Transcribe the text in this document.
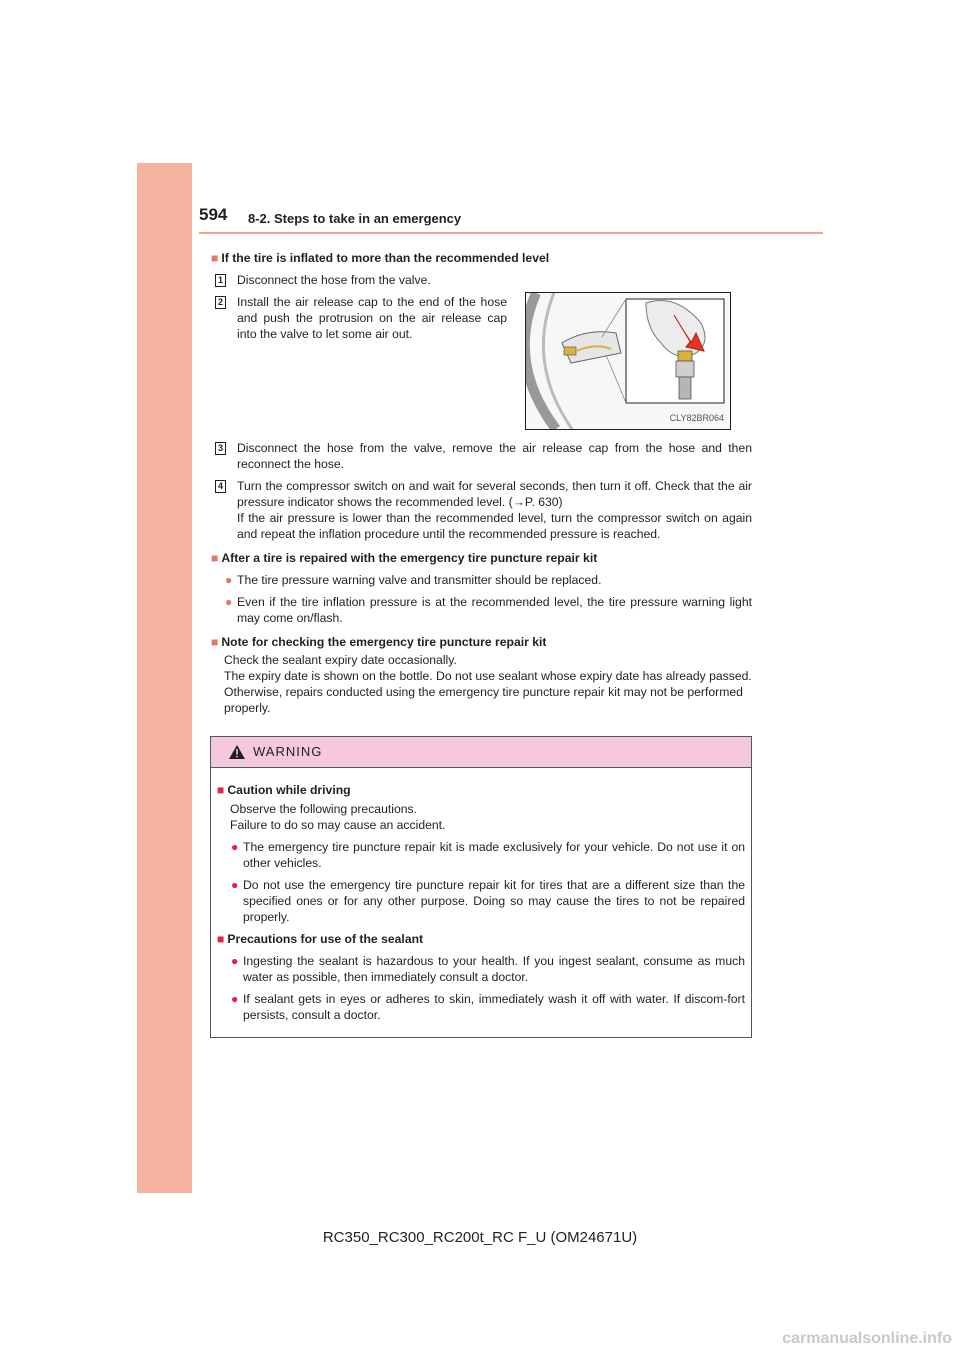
594 8-2. Steps to take in an emergency
■ If the tire is inflated to more than the recommended level
1 Disconnect the hose from the valve.
2 Install the air release cap to the end of the hose and push the protrusion on the air release cap into the valve to let some air out.
CLY82BR064
3 Disconnect the hose from the valve, remove the air release cap from the hose and then reconnect the hose.
4 Turn the compressor switch on and wait for several seconds, then turn it off. Check that the air pressure indicator shows the recommended level. (→P. 630)
If the air pressure is lower than the recommended level, turn the compressor switch on again and repeat the inflation procedure until the recommended pressure is reached.
■ After a tire is repaired with the emergency tire puncture repair kit
● The tire pressure warning valve and transmitter should be replaced.
● Even if the tire inflation pressure is at the recommended level, the tire pressure warning light may come on/flash.
■ Note for checking the emergency tire puncture repair kit
Check the sealant expiry date occasionally.
The expiry date is shown on the bottle. Do not use sealant whose expiry date has already passed. Otherwise, repairs conducted using the emergency tire puncture repair kit may not be performed properly.
WARNING
■ Caution while driving
Observe the following precautions.
Failure to do so may cause an accident.
● The emergency tire puncture repair kit is made exclusively for your vehicle. Do not use it on other vehicles.
● Do not use the emergency tire puncture repair kit for tires that are a different size than the specified ones or for any other purpose. Doing so may cause the tires to not be repaired properly.
■ Precautions for use of the sealant
● Ingesting the sealant is hazardous to your health. If you ingest sealant, consume as much water as possible, then immediately consult a doctor.
● If sealant gets in eyes or adheres to skin, immediately wash it off with water. If discom-fort persists, consult a doctor.
RC350_RC300_RC200t_RC F_U (OM24671U)
carmanualsonline.info
